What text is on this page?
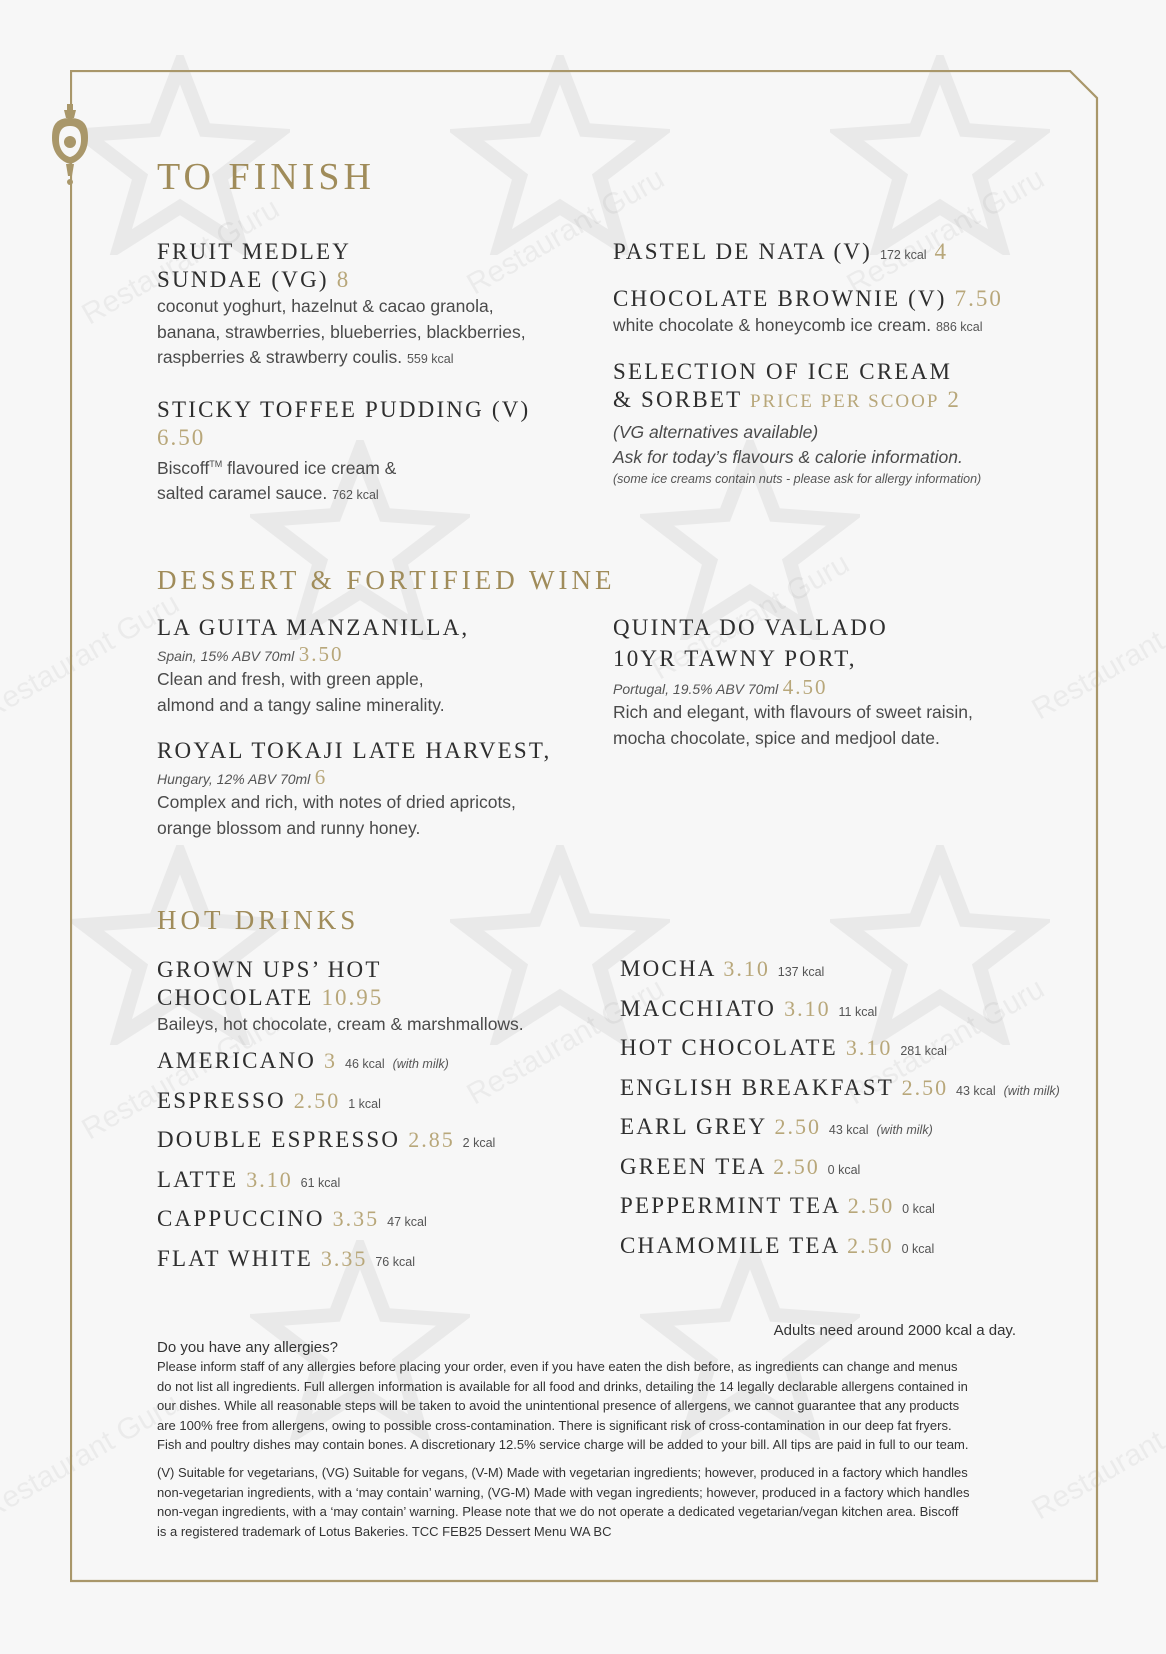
TO FINISH
FRUIT MEDLEY
SUNDAE (VG) 8
coconut yoghurt, hazelnut & cacao granola,
banana, strawberries, blueberries, blackberries,
raspberries & strawberry coulis. 559 kcal
STICKY TOFFEE PUDDING (V) 6.50
Biscoff™ flavoured ice cream &
salted caramel sauce. 762 kcal
PASTEL DE NATA (V) 172 kcal 4
CHOCOLATE BROWNIE (V) 7.50
white chocolate & honeycomb ice cream. 886 kcal
SELECTION OF ICE CREAM
& SORBET PRICE PER SCOOP 2
(VG alternatives available)
Ask for today’s flavours & calorie information.
(some ice creams contain nuts - please ask for allergy information)
DESSERT & FORTIFIED WINE
LA GUITA MANZANILLA,
Spain, 15% ABV 70ml 3.50
Clean and fresh, with green apple,
almond and a tangy saline minerality.
ROYAL TOKAJI LATE HARVEST,
Hungary, 12% ABV 70ml 6
Complex and rich, with notes of dried apricots,
orange blossom and runny honey.
QUINTA DO VALLADO
10YR TAWNY PORT,
Portugal, 19.5% ABV 70ml 4.50
Rich and elegant, with flavours of sweet raisin,
mocha chocolate, spice and medjool date.
HOT DRINKS
GROWN UPS’ HOT
CHOCOLATE 10.95
Baileys, hot chocolate, cream & marshmallows.
AMERICANO 3 46 kcal (with milk)
ESPRESSO 2.50 1 kcal
DOUBLE ESPRESSO 2.85 2 kcal
LATTE 3.10 61 kcal
CAPPUCCINO 3.35 47 kcal
FLAT WHITE 3.35 76 kcal
MOCHA 3.10 137 kcal
MACCHIATO 3.10 11 kcal
HOT CHOCOLATE 3.10 281 kcal
ENGLISH BREAKFAST 2.50 43 kcal (with milk)
EARL GREY 2.50 43 kcal (with milk)
GREEN TEA 2.50 0 kcal
PEPPERMINT TEA 2.50 0 kcal
CHAMOMILE TEA 2.50 0 kcal
Adults need around 2000 kcal a day.
Do you have any allergies?
Please inform staff of any allergies before placing your order, even if you have eaten the dish before, as ingredients can change and menus
do not list all ingredients. Full allergen information is available for all food and drinks, detailing the 14 legally declarable allergens contained in
our dishes. While all reasonable steps will be taken to avoid the unintentional presence of allergens, we cannot guarantee that any products
are 100% free from allergens, owing to possible cross-contamination. There is significant risk of cross-contamination in our deep fat fryers.
Fish and poultry dishes may contain bones. A discretionary 12.5% service charge will be added to your bill. All tips are paid in full to our team.
(V) Suitable for vegetarians, (VG) Suitable for vegans, (V-M) Made with vegetarian ingredients; however, produced in a factory which handles
non-vegetarian ingredients, with a ‘may contain’ warning, (VG-M) Made with vegan ingredients; however, produced in a factory which handles
non-vegan ingredients, with a ‘may contain’ warning. Please note that we do not operate a dedicated vegetarian/vegan kitchen area. Biscoff
is a registered trademark of Lotus Bakeries. TCC FEB25 Dessert Menu WA BC
